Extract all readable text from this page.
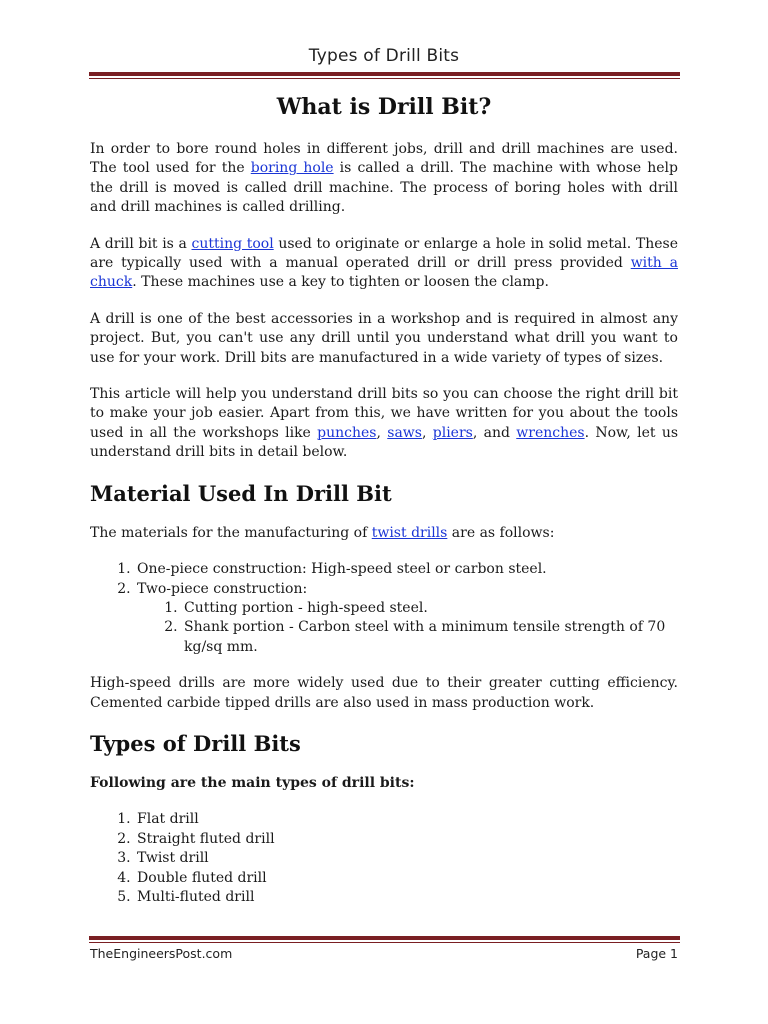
Types of Drill Bits
What is Drill Bit?

In order to bore round holes in different jobs, drill and drill machines are used. The tool used for the boring hole is called a drill. The machine with whose help the drill is moved is called drill machine. The process of boring holes with drill and drill machines is called drilling.

A drill bit is a cutting tool used to originate or enlarge a hole in solid metal. These are typically used with a manual operated drill or drill press provided with a chuck. These machines use a key to tighten or loosen the clamp.

A drill is one of the best accessories in a workshop and is required in almost any project. But, you can't use any drill until you understand what drill you want to use for your work. Drill bits are manufactured in a wide variety of types of sizes.

This article will help you understand drill bits so you can choose the right drill bit to make your job easier. Apart from this, we have written for you about the tools used in all the workshops like punches, saws, pliers, and wrenches. Now, let us understand drill bits in detail below.

Material Used In Drill Bit

The materials for the manufacturing of twist drills are as follows:

1. One-piece construction: High-speed steel or carbon steel.
2. Two-piece construction:
1. Cutting portion - high-speed steel.
2. Shank portion - Carbon steel with a minimum tensile strength of 70 kg/sq mm.

High-speed drills are more widely used due to their greater cutting efficiency. Cemented carbide tipped drills are also used in mass production work.

Types of Drill Bits

Following are the main types of drill bits:

1. Flat drill
2. Straight fluted drill
3. Twist drill
4. Double fluted drill
5. Multi-fluted drill
TheEngineersPost.com	Page 1
